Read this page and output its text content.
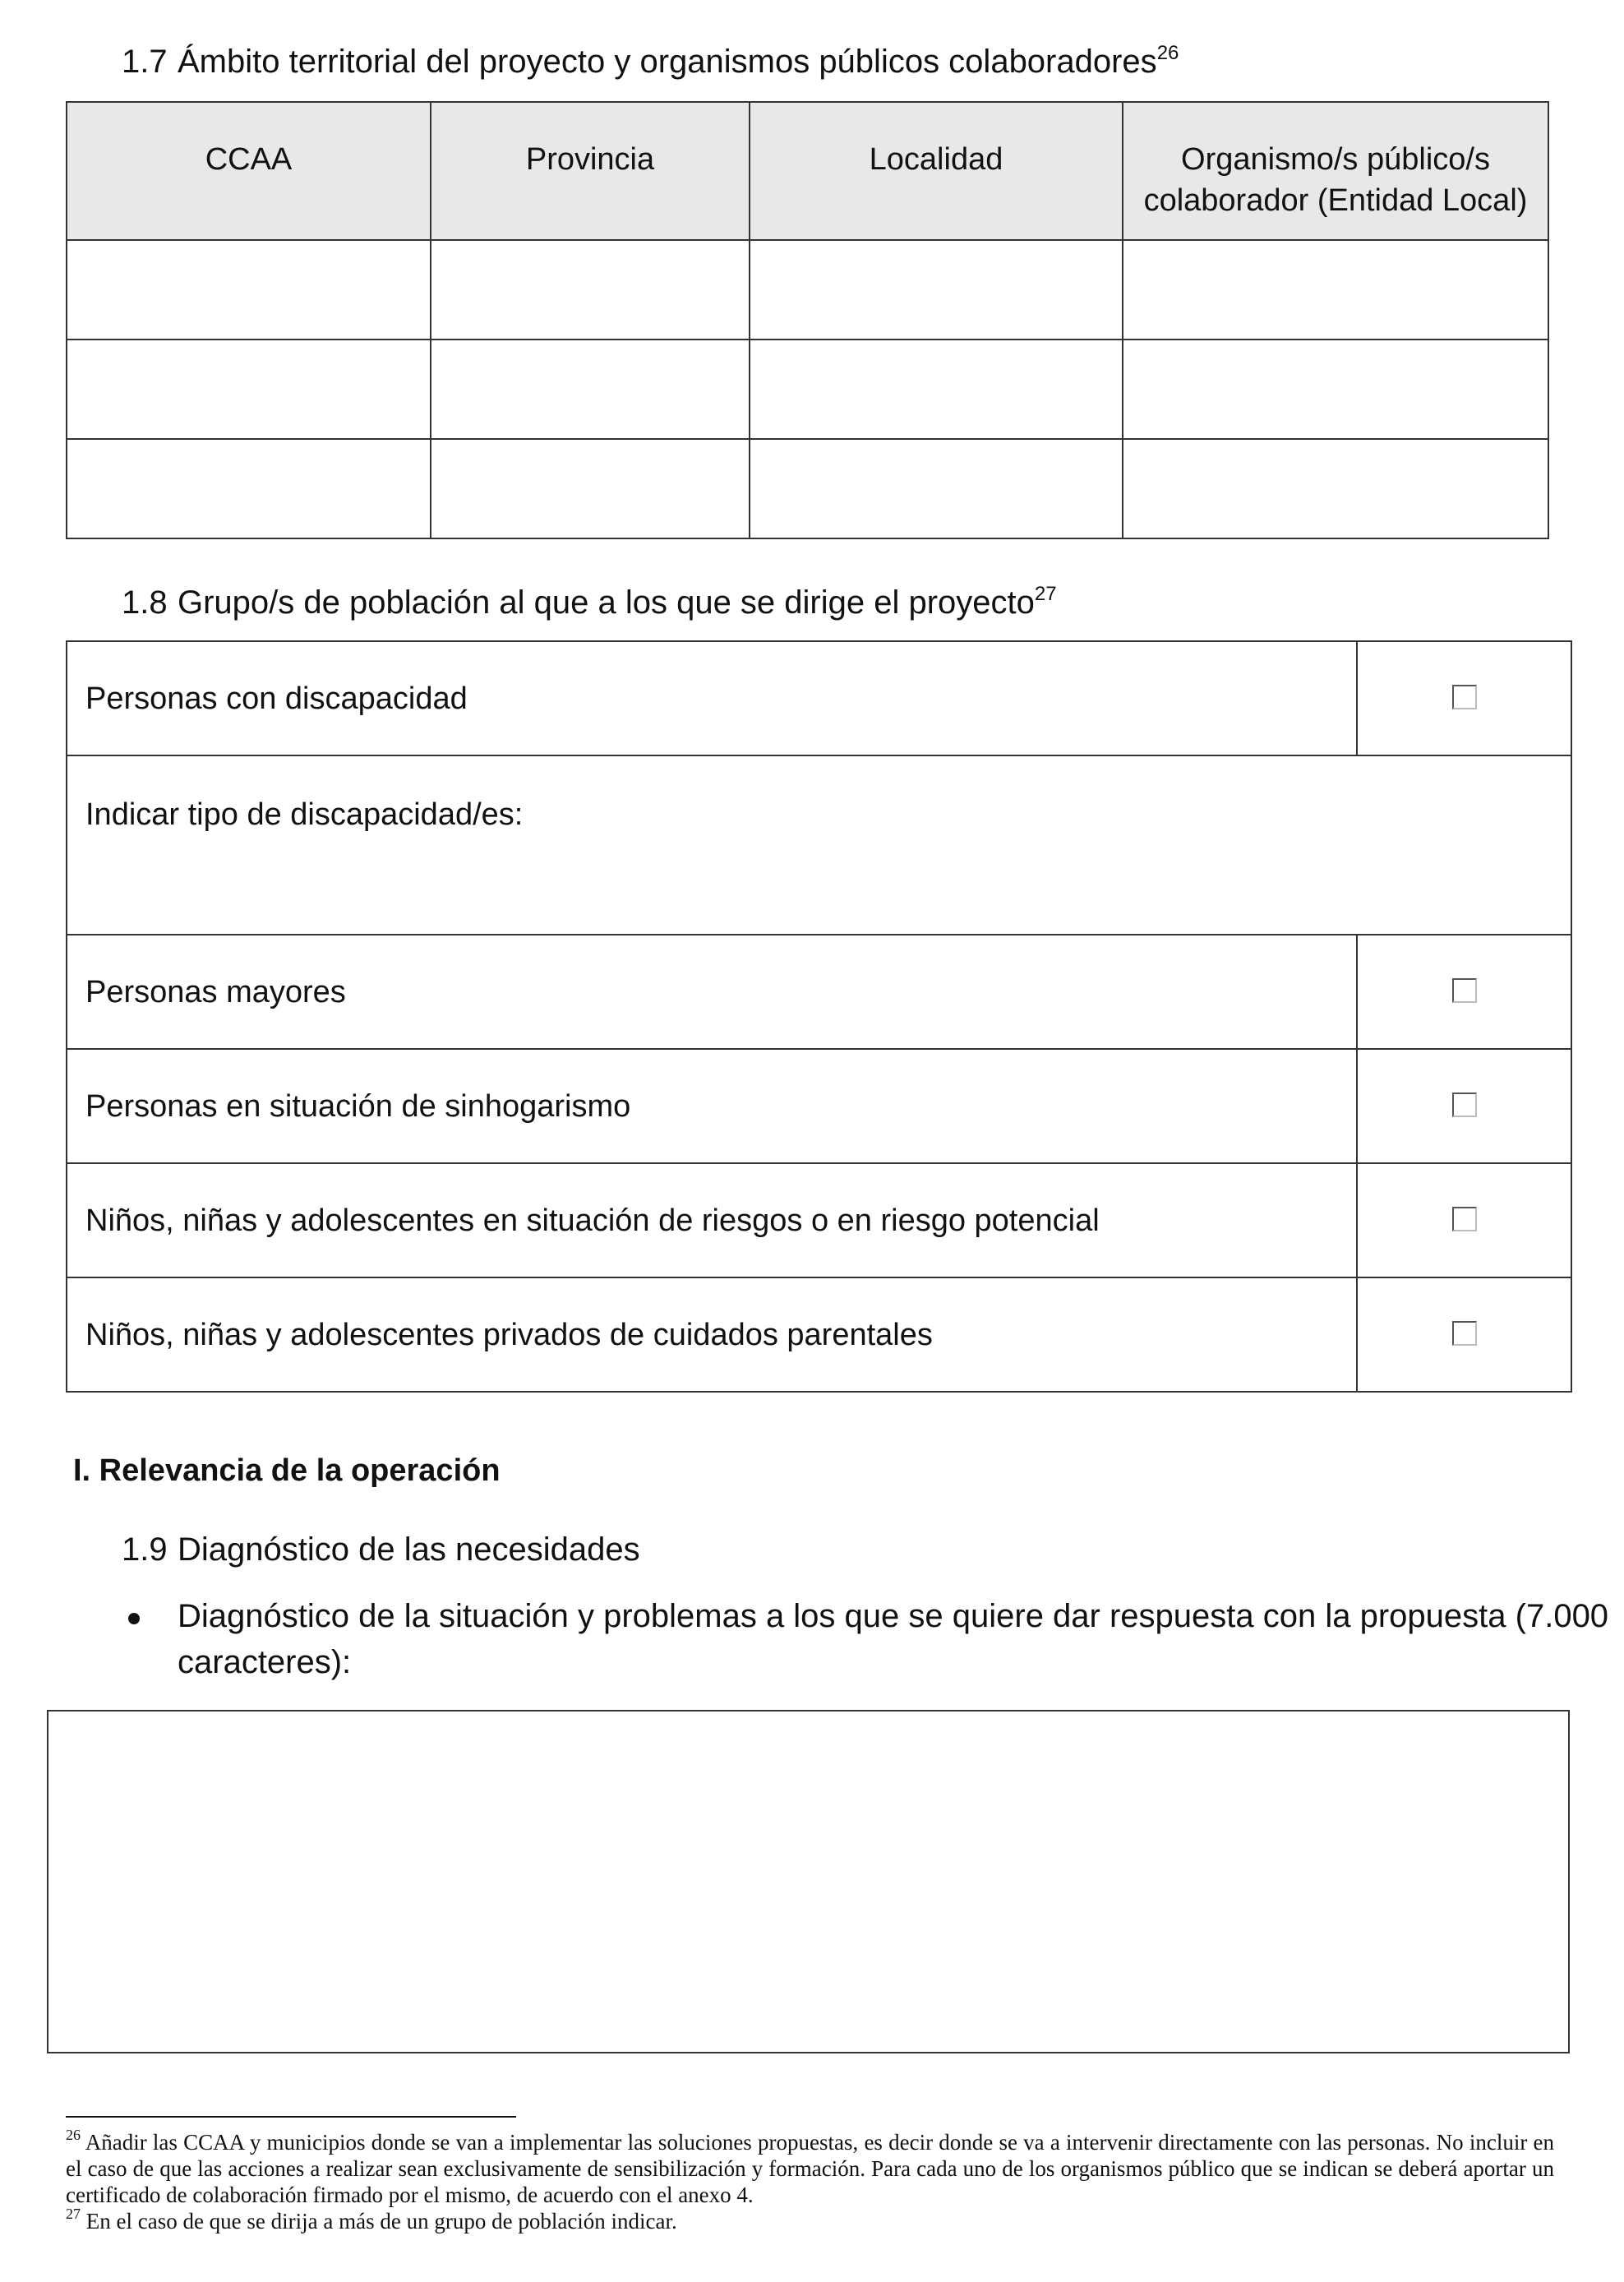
1.7 Ámbito territorial del proyecto y organismos públicos colaboradores$^{26}$
CCAA	Provincia	Localidad	Organismo/s público/s colaborador (Entidad Local)

1.8 Grupo/s de población al que a los que se dirige el proyecto$^{27}$
Personas con discapacidad	
Indicar tipo de discapacidad/es:	
Personas mayores	
Personas en situación de sinhogarismo	
Niños, niñas y adolescentes en situación de riesgos o en riesgo potencial	
Niños, niñas y adolescentes privados de cuidados parentales	
I. Relevancia de la operación
1.9 Diagnóstico de las necesidades
Diagnóstico de la situación y problemas a los que se quiere dar respuesta con la propuesta (7.000
caracteres):

$^{26}$ Añadir las CCAA y municipios donde se van a implementar las soluciones propuestas, es decir donde se va a intervenir directamente con las personas. No incluir en el caso de que las acciones a realizar sean exclusivamente de sensibilización y formación. Para cada uno de los organismos público que se indican se deberá aportar un certificado de colaboración firmado por el mismo, de acuerdo con el anexo 4.

$^{27}$ En el caso de que se dirija a más de un grupo de población indicar.
